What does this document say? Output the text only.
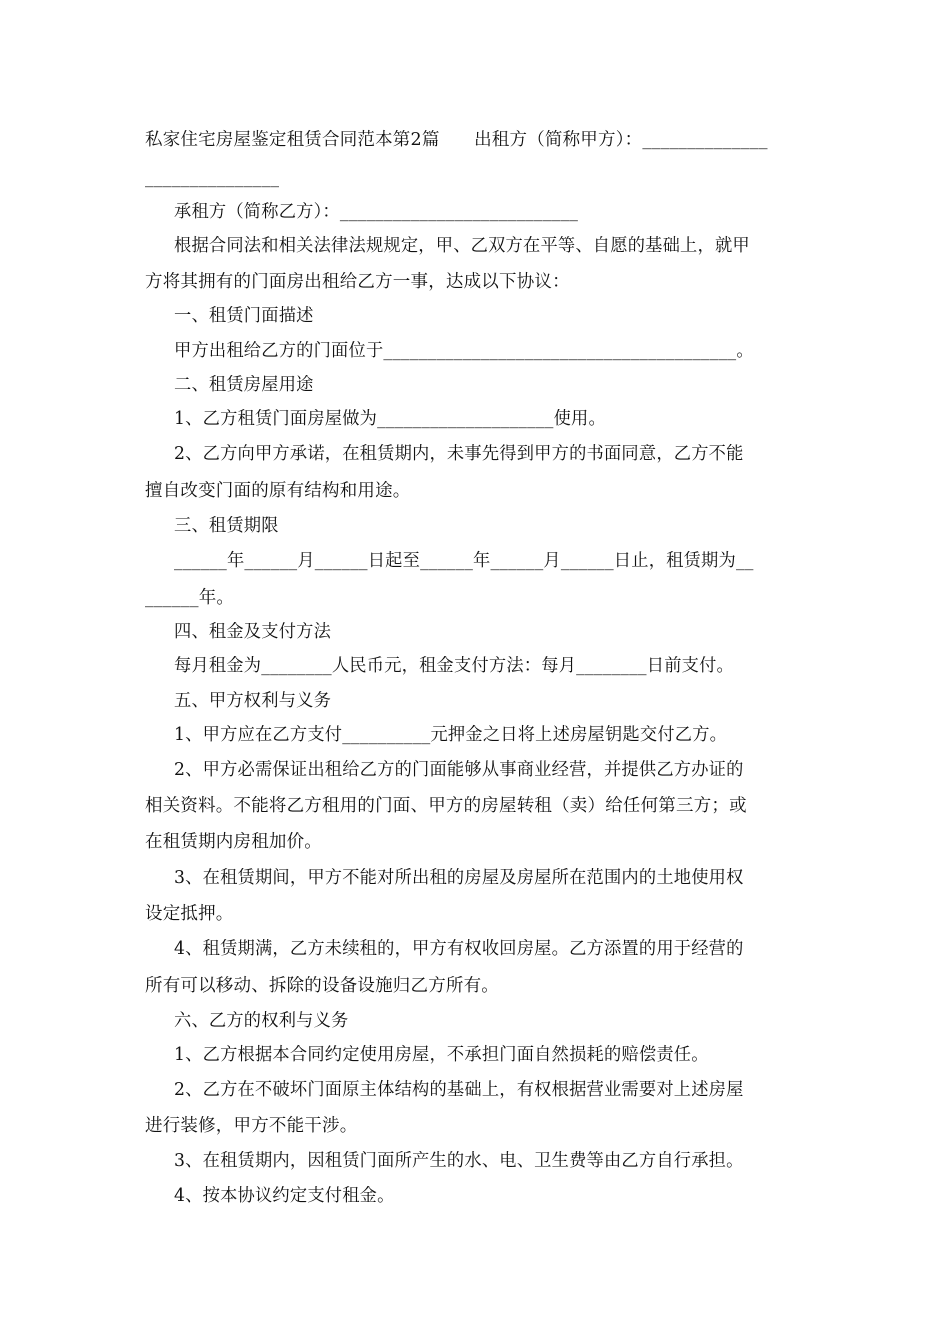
私家住宅房屋鉴定租赁合同范本第2篇      出租方（简称甲方）：______________
_______________
承租方（简称乙方）：___________________________
根据合同法和相关法律法规规定，甲、乙双方在平等、自愿的基础上，就甲
方将其拥有的门面房出租给乙方一事，达成以下协议：
一、租赁门面描述
甲方出租给乙方的门面位于________________________________________。
二、租赁房屋用途
1、乙方租赁门面房屋做为____________________使用。
2、乙方向甲方承诺，在租赁期内，未事先得到甲方的书面同意，乙方不能
擅自改变门面的原有结构和用途。
三、租赁期限
______年______月______日起至______年______月______日止，租赁期为__
______年。
四、租金及支付方法
每月租金为________人民币元，租金支付方法：每月________日前支付。
五、甲方权利与义务
1、甲方应在乙方支付__________元押金之日将上述房屋钥匙交付乙方。
2、甲方必需保证出租给乙方的门面能够从事商业经营，并提供乙方办证的
相关资料。不能将乙方租用的门面、甲方的房屋转租（卖）给任何第三方；或
在租赁期内房租加价。
3、在租赁期间，甲方不能对所出租的房屋及房屋所在范围内的土地使用权
设定抵押。
4、租赁期满，乙方未续租的，甲方有权收回房屋。乙方添置的用于经营的
所有可以移动、拆除的设备设施归乙方所有。
六、乙方的权利与义务
1、乙方根据本合同约定使用房屋，不承担门面自然损耗的赔偿责任。
2、乙方在不破坏门面原主体结构的基础上，有权根据营业需要对上述房屋
进行装修，甲方不能干涉。
3、在租赁期内，因租赁门面所产生的水、电、卫生费等由乙方自行承担。
4、按本协议约定支付租金。
